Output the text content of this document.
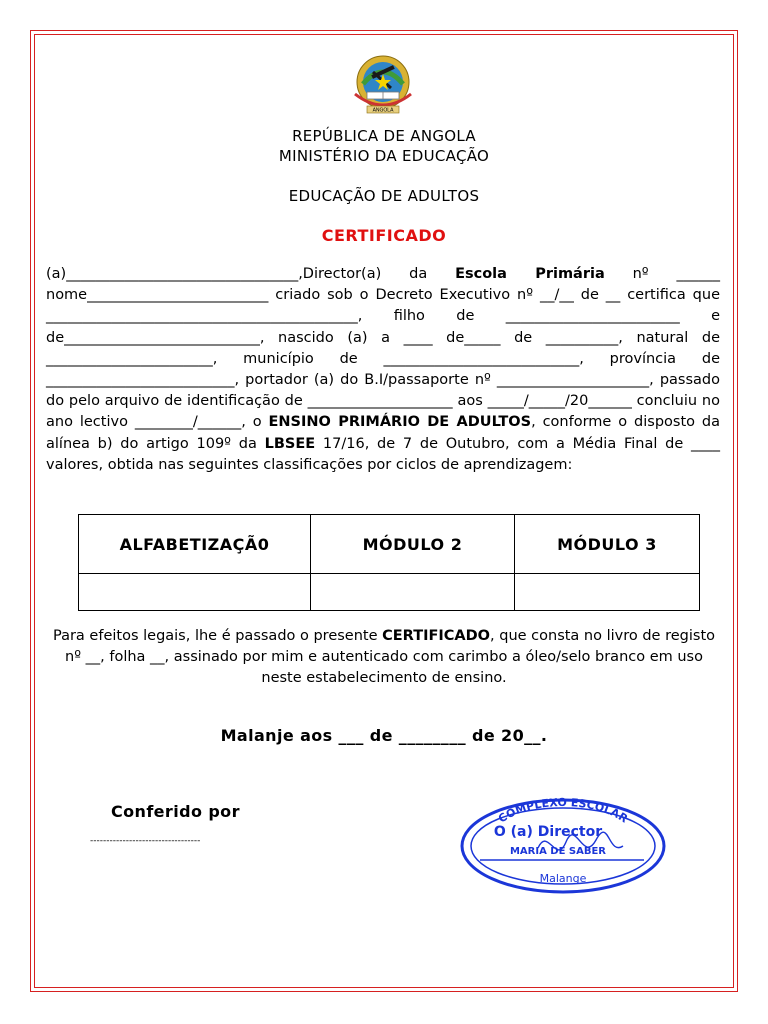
ANGOLA
REPÚBLICA DE ANGOLA
MINISTÉRIO DA EDUCAÇÃO
EDUCAÇÃO DE ADULTOS
CERTIFICADO

(a)________________________________,Director(a) da Escola Primária nº ______ nome_________________________ criado sob o Decreto Executivo nº __/__ de __ certifica que ___________________________________________, filho de ________________________ e de___________________________, nascido (a) a ____ de_____ de __________, natural de _______________________, município de ___________________________, província de __________________________, portador (a) do B.I/passaporte nº _____________________, passado do pelo arquivo de identificação de ____________________ aos _____/_____/20______ concluiu no ano lectivo ________/______, o ENSINO PRIMÁRIO DE ADULTOS, conforme o disposto da alínea b) do artigo 109º da LBSEE 17/16, de 7 de Outubro, com a Média Final de ____ valores, obtida nas seguintes classificações por ciclos de aprendizagem:

ALFABETIZAÇÃ0	MÓDULO 2	MÓDULO 3

Para efeitos legais, lhe é passado o presente CERTIFICADO, que consta no livro de registo nº __, folha __, assinado por mim e autenticado com carimbo a óleo/selo branco em uso neste estabelecimento de ensino.
Malanje aos ___ de ________ de 20__.
Conferido por
----------------------------------
COMPLEXO ESCOLAR
O (a) Director
MARIA DE SABER
Malange
